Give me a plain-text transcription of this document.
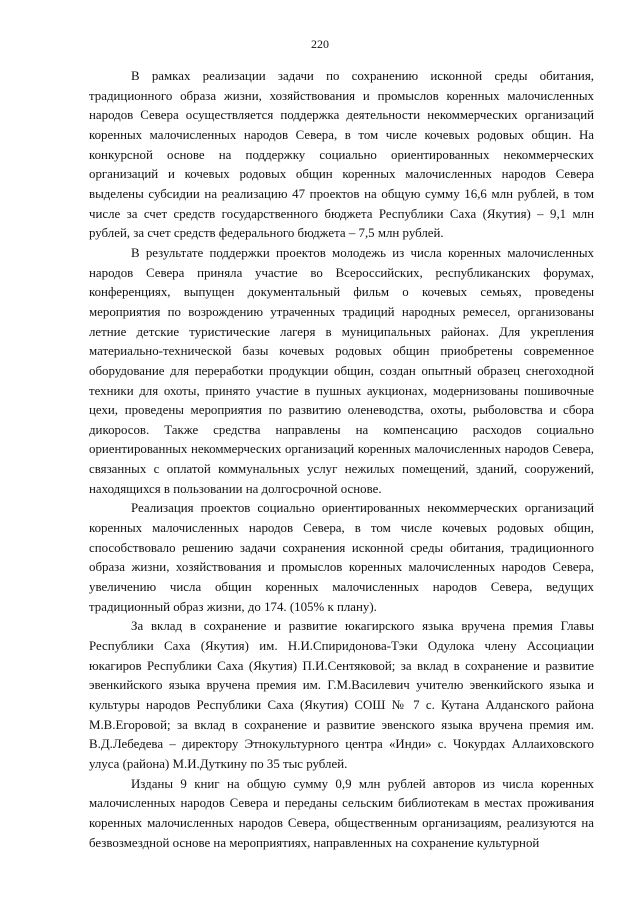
220

В рамках реализации задачи по сохранению исконной среды обитания, традиционного образа жизни, хозяйствования и промыслов коренных малочисленных народов Севера осуществляется поддержка деятельности некоммерческих организаций коренных малочисленных народов Севера, в том числе кочевых родовых общин. На конкурсной основе на поддержку социально ориентированных некоммерческих организаций и кочевых родовых общин коренных малочисленных народов Севера выделены субсидии на реализацию 47 проектов на общую сумму 16,6 млн рублей, в том числе за счет средств государственного бюджета Республики Саха (Якутия) – 9,1 млн рублей, за счет средств федерального бюджета – 7,5 млн рублей.

В результате поддержки проектов молодежь из числа коренных малочисленных народов Севера приняла участие во Всероссийских, республиканских форумах, конференциях, выпущен документальный фильм о кочевых семьях, проведены мероприятия по возрождению утраченных традиций народных ремесел, организованы летние детские туристические лагеря в муниципальных районах. Для укрепления материально-технической базы кочевых родовых общин приобретены современное оборудование для переработки продукции общин, создан опытный образец снегоходной техники для охоты, принято участие в пушных аукционах, модернизованы пошивочные цехи, проведены мероприятия по развитию оленеводства, охоты, рыболовства и сбора дикоросов. Также средства направлены на компенсацию расходов социально ориентированных некоммерческих организаций коренных малочисленных народов Севера, связанных с оплатой коммунальных услуг нежилых помещений, зданий, сооружений, находящихся в пользовании на долгосрочной основе.

Реализация проектов социально ориентированных некоммерческих организаций коренных малочисленных народов Севера, в том числе кочевых родовых общин, способствовало решению задачи сохранения исконной среды обитания, традиционного образа жизни, хозяйствования и промыслов коренных малочисленных народов Севера, увеличению числа общин коренных малочисленных народов Севера, ведущих традиционный образ жизни, до 174. (105% к плану).

За вклад в сохранение и развитие юкагирского языка вручена премия Главы Республики Саха (Якутия) им. Н.И.Спиридонова-Тэки Одулока члену Ассоциации юкагиров Республики Саха (Якутия) П.И.Сентяковой; за вклад в сохранение и развитие эвенкийского языка вручена премия им. Г.М.Василевич учителю эвенкийского языка и культуры народов Республики Саха (Якутия) СОШ № 7 с. Кутана Алданского района М.В.Егоровой; за вклад в сохранение и развитие эвенского языка вручена премия им. В.Д.Лебедева – директору Этнокультурного центра «Инди» с. Чокурдах Аллаиховского улуса (района) М.И.Дуткину по 35 тыс рублей.

Изданы 9 книг на общую сумму 0,9 млн рублей авторов из числа коренных малочисленных народов Севера и переданы сельским библиотекам в местах проживания коренных малочисленных народов Севера, общественным организациям, реализуются на безвозмездной основе на мероприятиях, направленных на сохранение культурной
